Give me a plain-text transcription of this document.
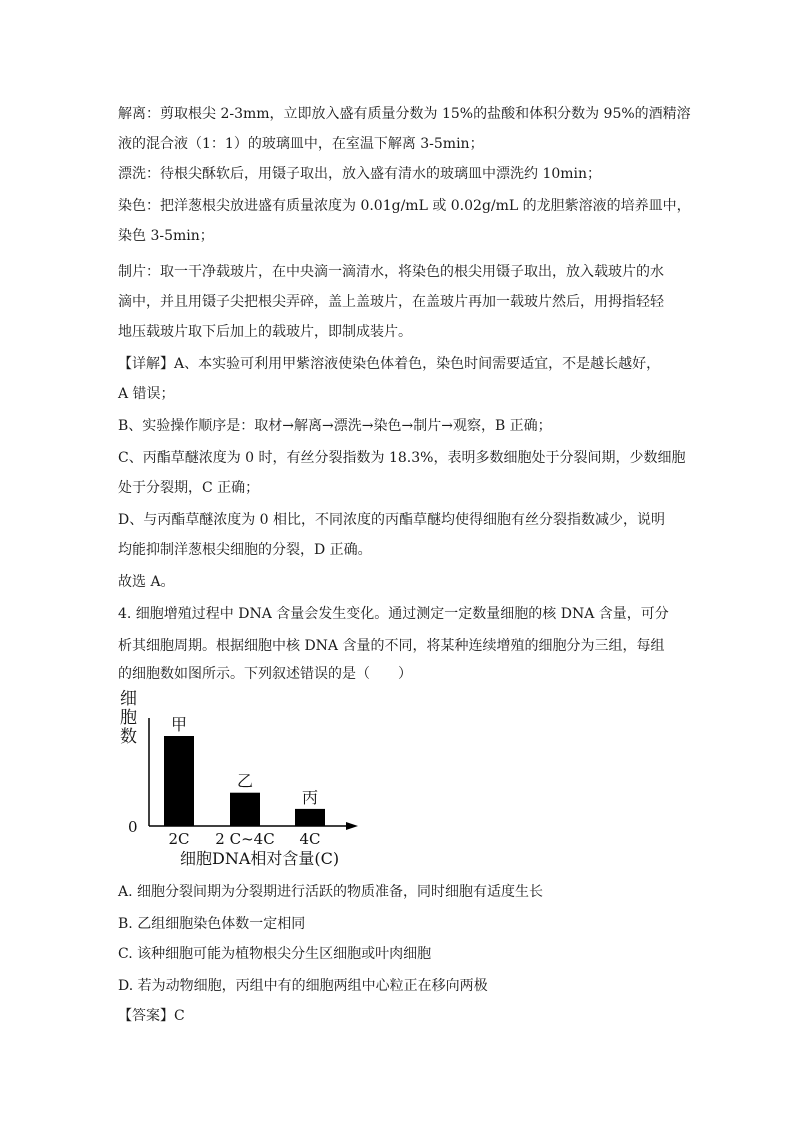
解离：剪取根尖 2-3mm，立即放入盛有质量分数为 15%的盐酸和体积分数为 95%的酒精溶
液的混合液（1：1）的玻璃皿中，在室温下解离 3-5min；
漂洗：待根尖酥软后，用镊子取出，放入盛有清水的玻璃皿中漂洗约 10min；
染色：把洋葱根尖放进盛有质量浓度为 0.01g/mL 或 0.02g/mL 的龙胆紫溶液的培养皿中，
染色 3-5min；
制片：取一干净载玻片，在中央滴一滴清水，将染色的根尖用镊子取出，放入载玻片的水
滴中，并且用镊子尖把根尖弄碎，盖上盖玻片，在盖玻片再加一载玻片然后，用拇指轻轻
地压载玻片取下后加上的载玻片，即制成装片。
【详解】A、本实验可利用甲紫溶液使染色体着色，染色时间需要适宜，不是越长越好，
A 错误；
B、实验操作顺序是：取材→解离→漂洗→染色→制片→观察，B 正确；
C、丙酯草醚浓度为 0 时，有丝分裂指数为 18.3%，表明多数细胞处于分裂间期，少数细胞
处于分裂期，C 正确；
D、与丙酯草醚浓度为 0 相比，不同浓度的丙酯草醚均使得细胞有丝分裂指数减少，说明
均能抑制洋葱根尖细胞的分裂，D 正确。
故选 A。
4. 细胞增殖过程中 DNA 含量会发生变化。通过测定一定数量细胞的核 DNA 含量，可分
析其细胞周期。根据细胞中核 DNA 含量的不同，将某种连续增殖的细胞分为三组，每组
的细胞数如图所示。下列叙述错误的是（　　）
细
胞
数
0
甲
2C
乙
2 C~4C
丙
4C
细胞DNA相对含量(C)
A. 细胞分裂间期为分裂期进行活跃的物质准备，同时细胞有适度生长
B. 乙组细胞染色体数一定相同
C. 该种细胞可能为植物根尖分生区细胞或叶肉细胞
D. 若为动物细胞，丙组中有的细胞两组中心粒正在移向两极
【答案】C
